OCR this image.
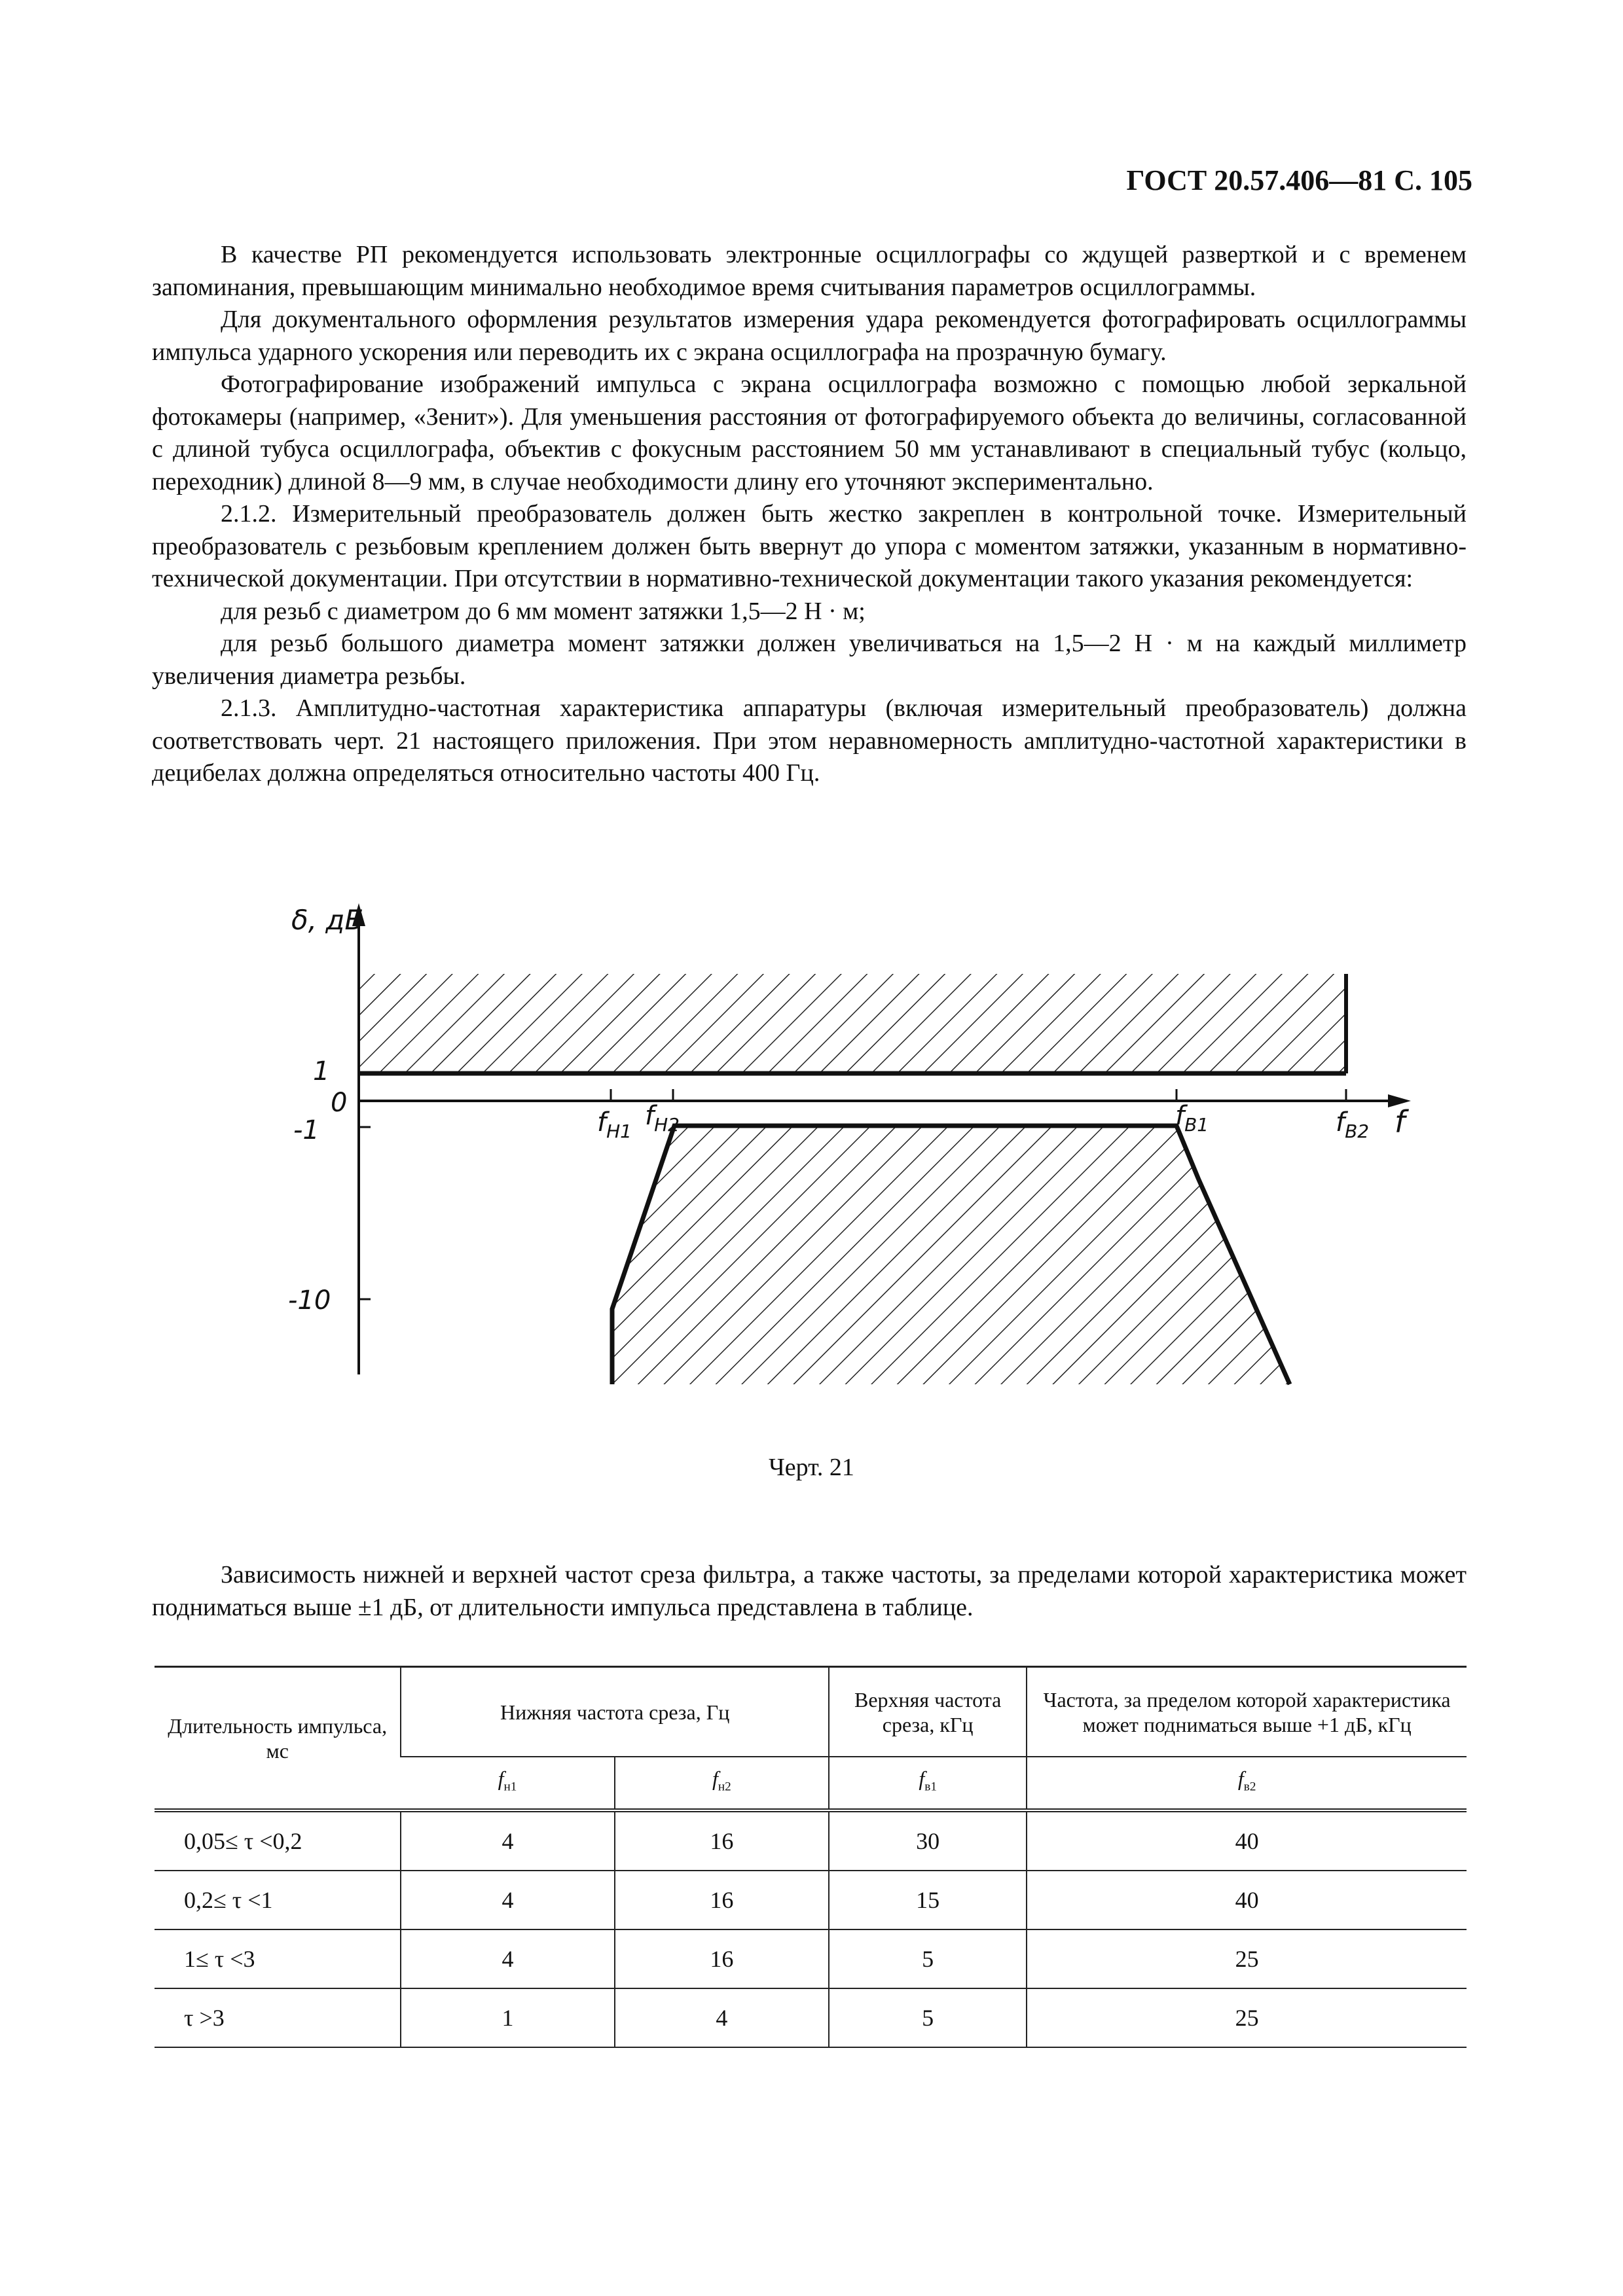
ГОСТ 20.57.406—81 С. 105

В качестве РП рекомендуется использовать электронные осциллографы со ждущей разверткой и с временем запоминания, превышающим минимально необходимое время считывания параметров осциллограммы.

Для документального оформления результатов измерения удара рекомендуется фотографировать осциллограммы импульса ударного ускорения или переводить их с экрана осциллографа на прозрачную бумагу.

Фотографирование изображений импульса с экрана осциллографа возможно с помощью любой зеркальной фотокамеры (например, «Зенит»). Для уменьшения расстояния от фотографируемого объекта до величины, согласованной с длиной тубуса осциллографа, объектив с фокусным расстоянием 50 мм устанавливают в специальный тубус (кольцо, переходник) длиной 8—9 мм, в случае необходимости длину его уточняют экспериментально.

2.1.2. Измерительный преобразователь должен быть жестко закреплен в контрольной точке. Измерительный преобразователь с резьбовым креплением должен быть ввернут до упора с моментом затяжки, указанным в нормативно-технической документации. При отсутствии в нормативно-технической документации такого указания рекомендуется:

для резьб с диаметром до 6 мм момент затяжки 1,5—2 Н · м;

для резьб большого диаметра момент затяжки должен увеличиваться на 1,5—2 Н · м на каждый миллиметр увеличения диаметра резьбы.

2.1.3. Амплитудно-частотная характеристика аппаратуры (включая измерительный преобразователь) должна соответствовать черт. 21 настоящего приложения. При этом неравномерность амплитудно-частотной характеристики в децибелах должна определяться относительно частоты 400 Гц.

δ, дБ
1
0
-1
-10
f
$f_{H1}$
$f_{H2}$	$f_{B1}$	$f_{B2}$
Черт. 21

Зависимость нижней и верхней частот среза фильтра, а также частоты, за пределами которой характеристика может подниматься выше ±1 дБ, от длительности импульса представлена в таблице.

Длительность импульса, мс	Нижняя частота среза, Гц		Верхняя частота среза, кГц	Частота, за пределом которой характеристика может подниматься выше +1 дБ, кГц
	$f_{н1}$	$f_{н2}$	$f_{в1}$	$f_{в2}$
0,05≤ τ <0,2	4	16	30	40
0,2≤ τ <1	4	16	15	40
1≤ τ <3	4	16	5	25
τ >3	1	4	5	25
